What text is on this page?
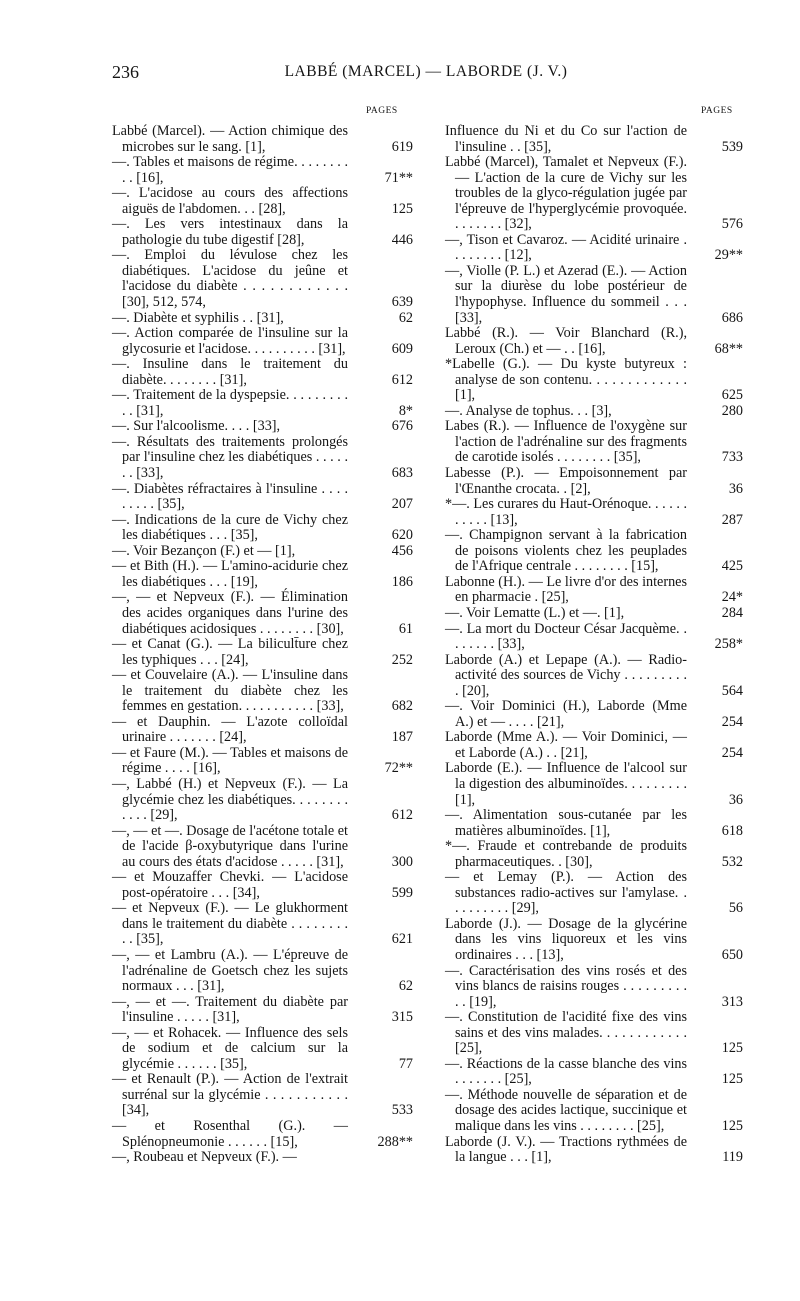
236	LABBÉ (MARCEL) — LABORDE (J. V.)
PAGES
Labbé (Marcel). — Action chimique des microbes sur le sang. [1],	619
—. Tables et maisons de régime. . . . . . . . . . [16],	71**
—. L'acidose au cours des affections aiguës de l'abdomen. . . [28],	125
—. Les vers intestinaux dans la pathologie du tube digestif [28],	446
—. Emploi du lévulose chez les diabétiques. L'acidose du jeûne et l'acidose du diabète . . . . . . . . . . . . [30], 512, 574,	639
—. Diabète et syphilis . . [31],	62
—. Action comparée de l'insuline sur la glycosurie et l'acidose. . . . . . . . . . [31],	609
—. Insuline dans le traitement du diabète. . . . . . . . [31],	612
—. Traitement de la dyspepsie. . . . . . . . . . . [31],	8*
—. Sur l'alcoolisme. . . . [33],	676
—. Résultats des traitements prolongés par l'insuline chez les diabétiques . . . . . . . [33],	683
—. Diabètes réfractaires à l'insuline . . . . . . . . . [35],	207
—. Indications de la cure de Vichy chez les diabétiques . . . [35],	620
—. Voir Bezançon (F.) et — [1],	456
— et Bith (H.). — L'amino-acidurie chez les diabétiques . . . [19],	186
—, — et Nepveux (F.). — Élimination des acides organiques dans l'urine des diabétiques acidosiques . . . . . . . . [30],	61
— et Canat (G.). — La bilicult̄ure chez les typhiques . . . [24],	252
— et Couvelaire (A.). — L'insuline dans le traitement du diabète chez les femmes en gestation. . . . . . . . . . . [33],	682
— et Dauphin. — L'azote colloïdal urinaire . . . . . . . [24],	187
— et Faure (M.). — Tables et maisons de régime . . . . [16],	72**
—, Labbé (H.) et Nepveux (F.). — La glycémie chez les diabétiques. . . . . . . . . . . . [29],	612
—, — et —. Dosage de l'acétone totale et de l'acide β-oxybutyrique dans l'urine au cours des états d'acidose . . . . . [31],	300
— et Mouzaffer Chevki. — L'acidose post-opératoire . . . [34],	599
— et Nepveux (F.). — Le glukhorment dans le traitement du diabète . . . . . . . . . . [35],	621
—, — et Lambru (A.). — L'épreuve de l'adrénaline de Goetsch chez les sujets normaux . . . [31],	62
—, — et —. Traitement du diabète par l'insuline . . . . . [31],	315
—, — et Rohacek. — Influence des sels de sodium et de calcium sur la glycémie . . . . . . [35],	77
— et Renault (P.). — Action de l'extrait surrénal sur la glycémie . . . . . . . . . . . [34],	533
— et Rosenthal (G.). — Splénopneumonie . . . . . . [15],	288**
—, Roubeau et Nepveux (F.). —
PAGES
Influence du Ni et du Co sur l'action de l'insuline . . [35],	539
Labbé (Marcel), Tamalet et Nepveux (F.). — L'action de la cure de Vichy sur les troubles de la glyco-régulation jugée par l'épreuve de l'hyperglycémie provoquée. . . . . . . . [32],	576
—, Tison et Cavaroz. — Acidité urinaire . . . . . . . . [12],	29**
—, Violle (P. L.) et Azerad (E.). — Action sur la diurèse du lobe postérieur de l'hypophyse. Influence du sommeil . . . [33],	686
Labbé (R.). — Voir Blanchard (R.), Leroux (Ch.) et — . . [16],	68**
*Labelle (G.). — Du kyste butyreux : analyse de son contenu. . . . . . . . . . . . . [1],	625
—. Analyse de tophus. . . [3],	280
Labes (R.). — Influence de l'oxygène sur l'action de l'adrénaline sur des fragments de carotide isolés . . . . . . . . [35],	733
Labesse (P.). — Empoisonnement par l'Œnanthe crocata. . [2],	36
*—. Les curares du Haut-Orénoque. . . . . . . . . . . [13],	287
—. Champignon servant à la fabrication de poisons violents chez les peuplades de l'Afrique centrale . . . . . . . . [15],	425
Labonne (H.). — Le livre d'or des internes en pharmacie . [25],	24*
—. Voir Lematte (L.) et —. [1],	284
—. La mort du Docteur César Jacquème. . . . . . . . [33],	258*
Laborde (A.) et Lepape (A.). — Radio-activité des sources de Vichy . . . . . . . . . . [20],	564
—. Voir Dominici (H.), Laborde (Mme A.) et — . . . . [21],	254
Laborde (Mme A.). — Voir Dominici, — et Laborde (A.) . . [21],	254
Laborde (E.). — Influence de l'alcool sur la digestion des albuminoïdes. . . . . . . . . [1],	36
—. Alimentation sous-cutanée par les matières albuminoïdes. [1],	618
*—. Fraude et contrebande de produits pharmaceutiques. . [30],	532
— et Lemay (P.). — Action des substances radio-actives sur l'amylase. . . . . . . . . . [29],	56
Laborde (J.). — Dosage de la glycérine dans les vins liquoreux et les vins ordinaires . . . [13],	650
—. Caractérisation des vins rosés et des vins blancs de raisins rouges . . . . . . . . . . . [19],	313
—. Constitution de l'acidité fixe des vins sains et des vins malades. . . . . . . . . . . . [25],	125
—. Réactions de la casse blanche des vins . . . . . . . [25],	125
—. Méthode nouvelle de séparation et de dosage des acides lactique, succinique et malique dans les vins . . . . . . . . [25],	125
Laborde (J. V.). — Tractions rythmées de la langue . . . [1],	119
